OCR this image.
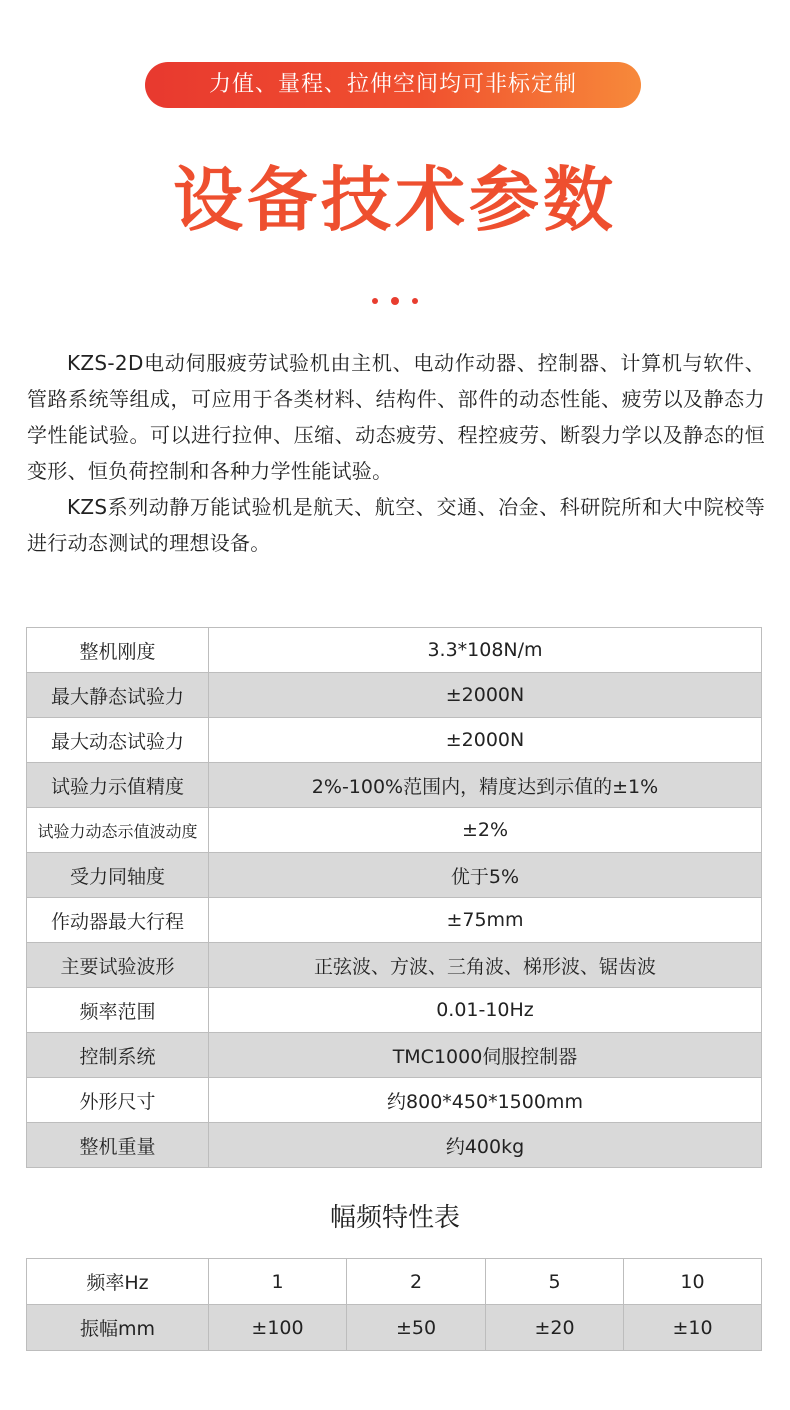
力值、量程、拉伸空间均可非标定制
设备技术参数

KZS-2D电动伺服疲劳试验机由主机、电动作动器、控制器、计算机与软件、管路系统等组成，可应用于各类材料、结构件、部件的动态性能、疲劳以及静态力学性能试验。可以进行拉伸、压缩、动态疲劳、程控疲劳、断裂力学以及静态的恒变形、恒负荷控制和各种力学性能试验。

KZS系列动静万能试验机是航天、航空、交通、冶金、科研院所和大中院校等进行动态测试的理想设备。

整机刚度	3.3*108N/m
最大静态试验力	±2000N
最大动态试验力	±2000N
试验力示值精度	2%-100%范围内，精度达到示值的±1%
试验力动态示值波动度	±2%
受力同轴度	优于5%
作动器最大行程	±75mm
主要试验波形	正弦波、方波、三角波、梯形波、锯齿波
频率范围	0.01-10Hz
控制系统	TMC1000伺服控制器
外形尺寸	约800*450*1500mm
整机重量	约400kg
幅频特性表
频率Hz	1	2	5	10
振幅mm	±100	±50	±20	±10
